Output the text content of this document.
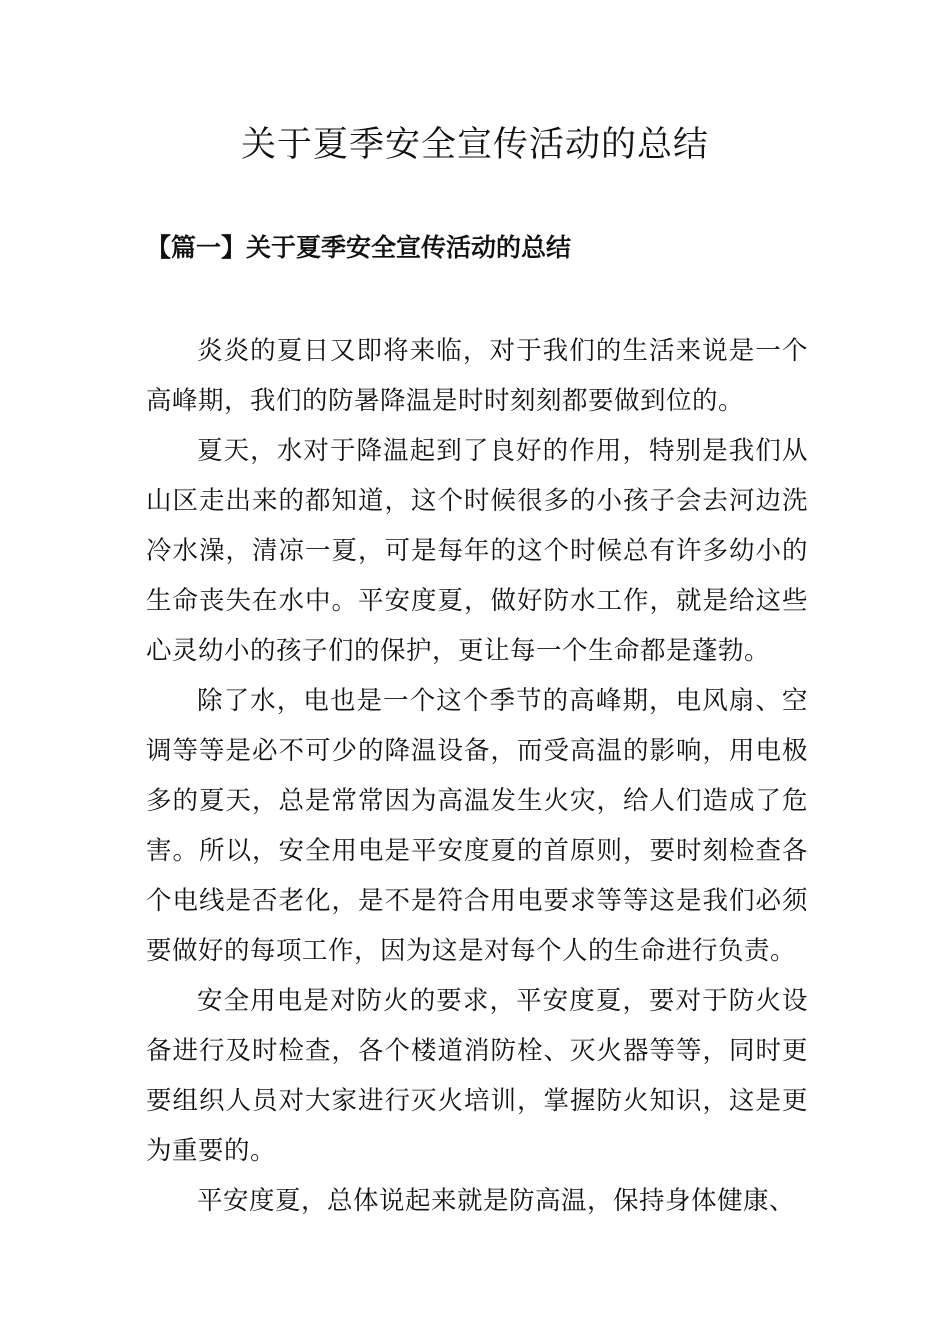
关于夏季安全宣传活动的总结
【篇一】关于夏季安全宣传活动的总结

炎炎的夏日又即将来临，对于我们的生活来说是一个高峰期，我们的防暑降温是时时刻刻都要做到位的。

夏天，水对于降温起到了良好的作用，特别是我们从山区走出来的都知道，这个时候很多的小孩子会去河边洗冷水澡，清凉一夏，可是每年的这个时候总有许多幼小的生命丧失在水中。平安度夏，做好防水工作，就是给这些心灵幼小的孩子们的保护，更让每一个生命都是蓬勃。

除了水，电也是一个这个季节的高峰期，电风扇、空调等等是必不可少的降温设备，而受高温的影响，用电极多的夏天，总是常常因为高温发生火灾，给人们造成了危害。所以，安全用电是平安度夏的首原则，要时刻检查各个电线是否老化，是不是符合用电要求等等这是我们必须要做好的每项工作，因为这是对每个人的生命进行负责。

安全用电是对防火的要求，平安度夏，要对于防火设备进行及时检查，各个楼道消防栓、灭火器等等，同时更要组织人员对大家进行灭火培训，掌握防火知识，这是更为重要的。

平安度夏，总体说起来就是防高温，保持身体健康、
